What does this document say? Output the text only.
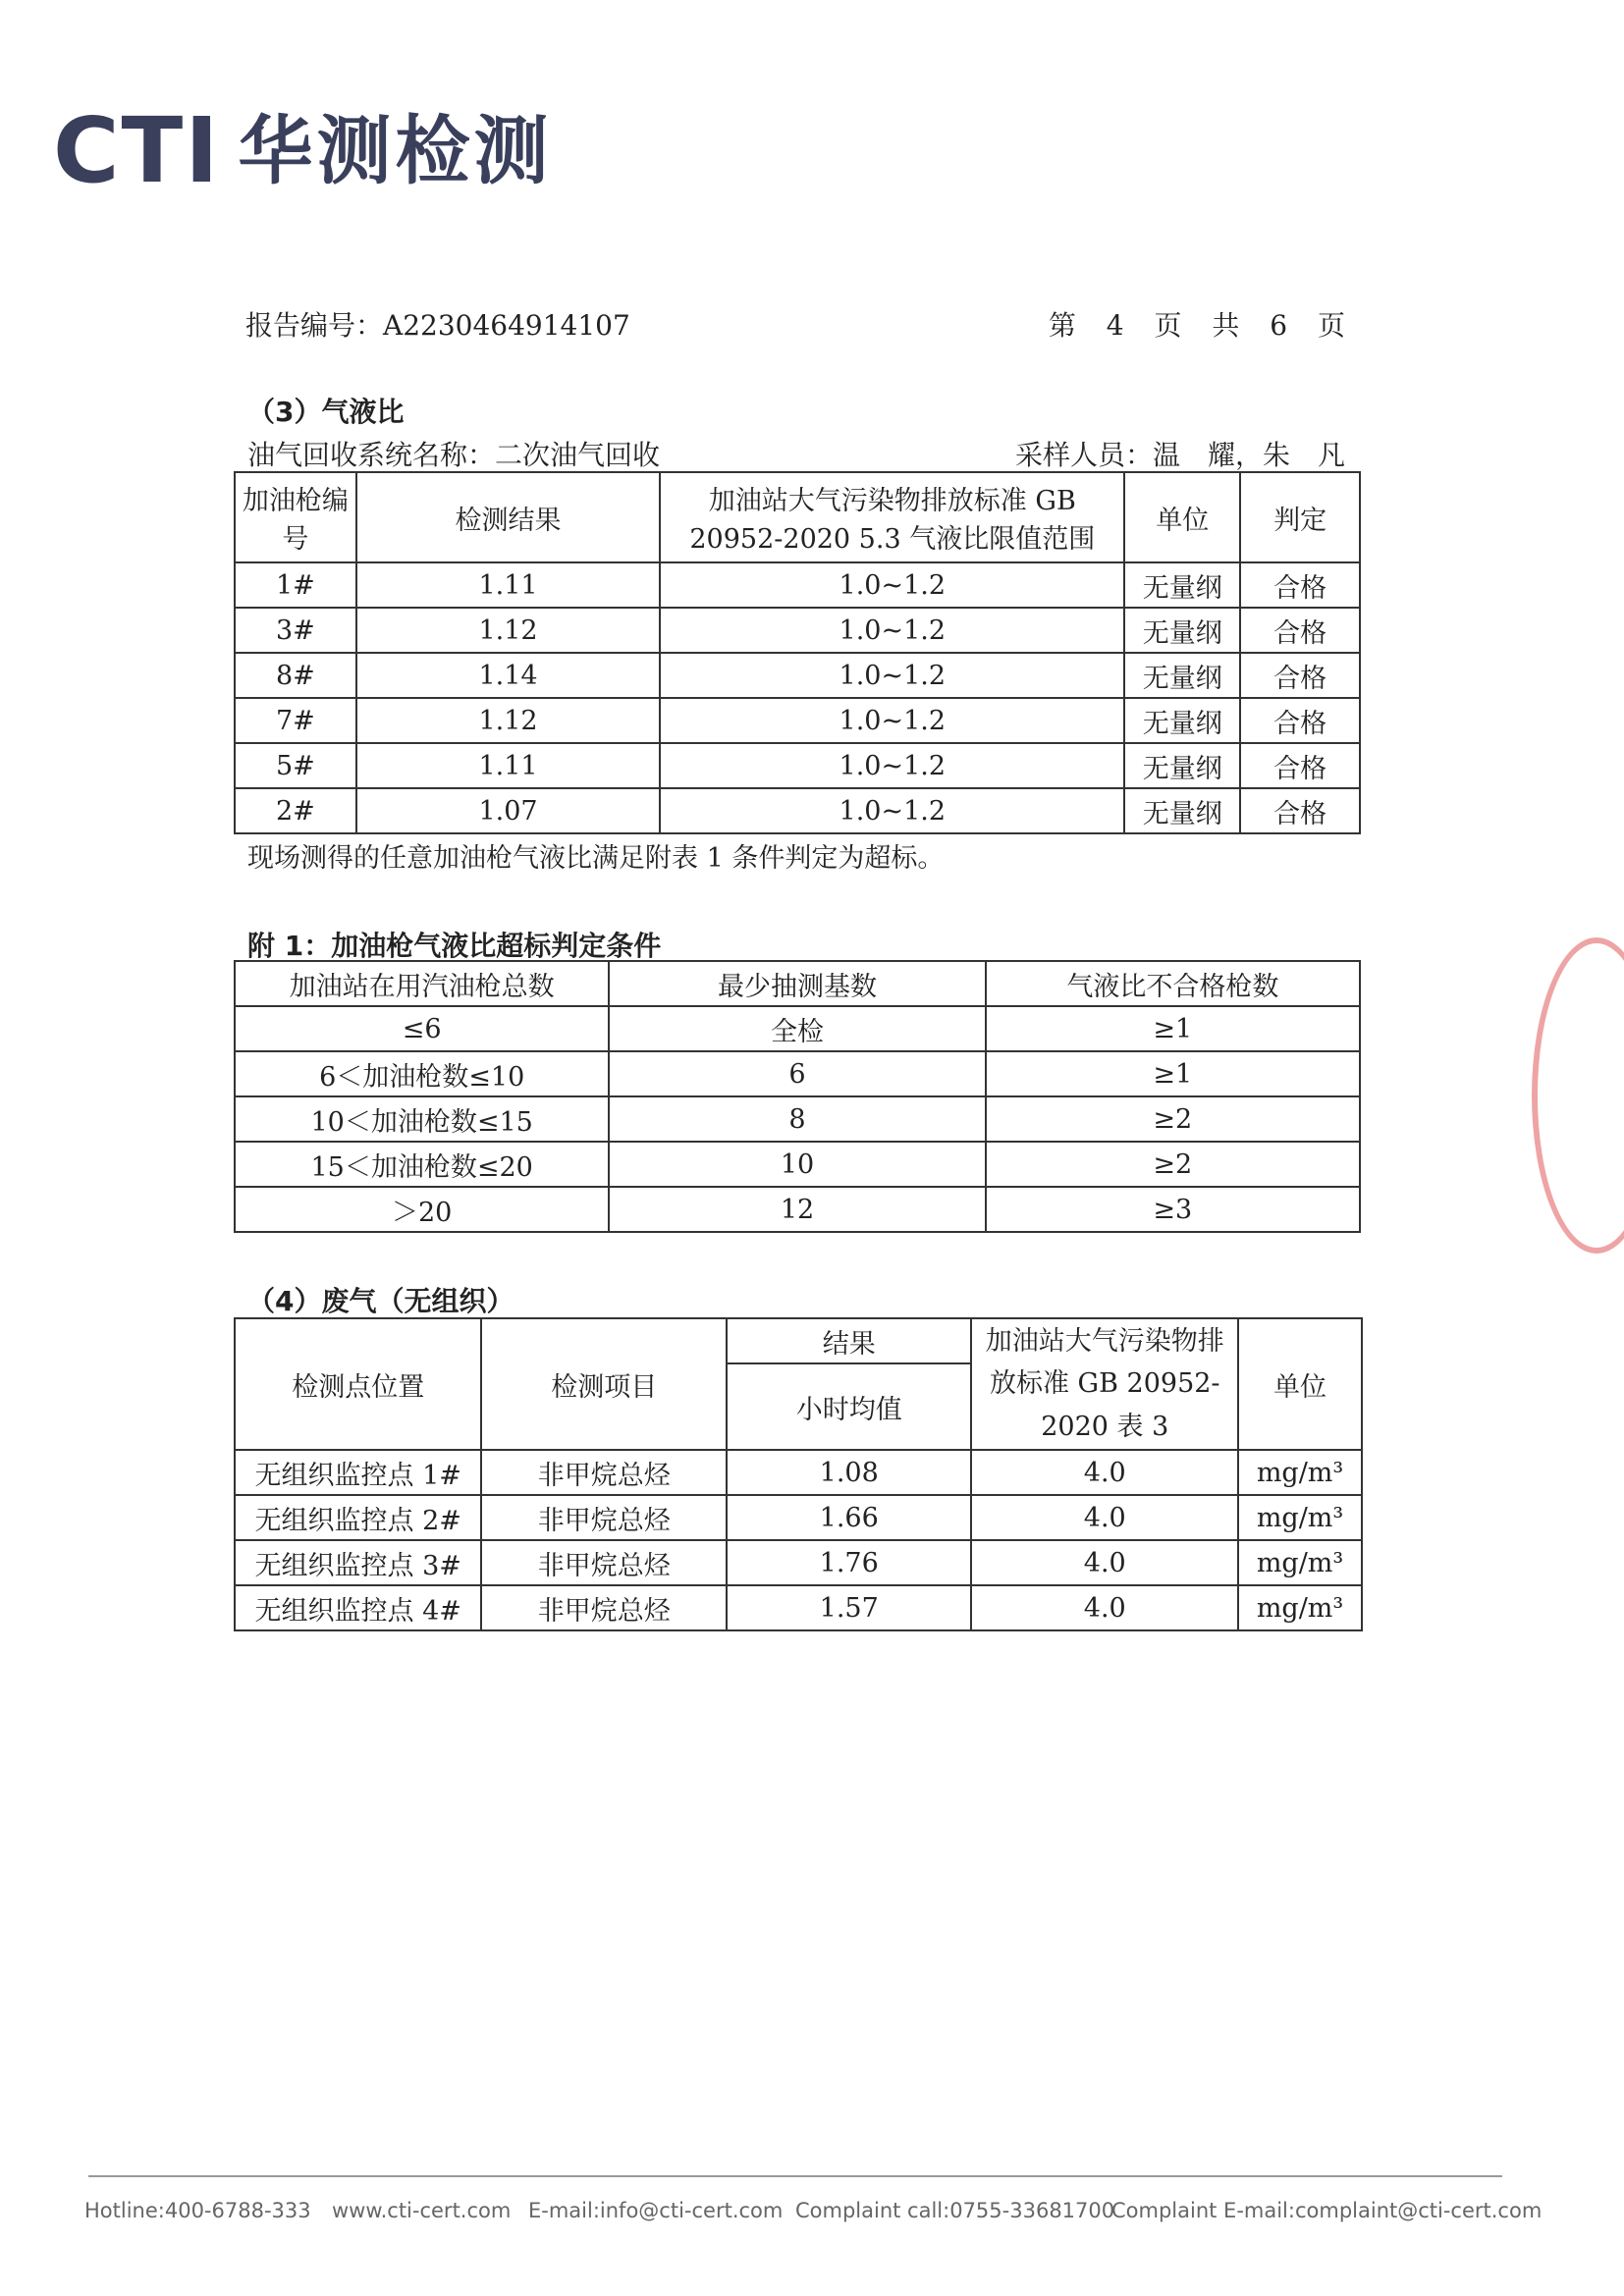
CTI 华测检测
报告编号：A2230464914107	第 4 页 共 6 页
（3）气液比
油气回收系统名称：二次油气回收	采样人员：温　耀，朱　凡
加油枪编号	检测结果	加油站大气污染物排放标准 GB 20952-2020 5.3 气液比限值范围	单位	判定
1#	1.11	1.0~1.2	无量纲	合格
3#	1.12	1.0~1.2	无量纲	合格
8#	1.14	1.0~1.2	无量纲	合格
7#	1.12	1.0~1.2	无量纲	合格
5#	1.11	1.0~1.2	无量纲	合格
2#	1.07	1.0~1.2	无量纲	合格
现场测得的任意加油枪气液比满足附表 1 条件判定为超标。
附 1：加油枪气液比超标判定条件
加油站在用汽油枪总数	最少抽测基数	气液比不合格枪数
≤6	全检	≥1
6＜加油枪数≤10	6	≥1
10＜加油枪数≤15	8	≥2
15＜加油枪数≤20	10	≥2
＞20	12	≥3
（4）废气（无组织）
检测点位置	检测项目	结果	加油站大气污染物排放标准 GB 20952-2020 表 3	单位
		小时均值		
无组织监控点 1#	非甲烷总烃	1.08	4.0	mg/m³
无组织监控点 2#	非甲烷总烃	1.66	4.0	mg/m³
无组织监控点 3#	非甲烷总烃	1.76	4.0	mg/m³
无组织监控点 4#	非甲烷总烃	1.57	4.0	mg/m³
Hotline:400-6788-333 www.cti-cert.com E-mail:info@cti-cert.com Complaint call:0755-33681700
Complaint E-mail:complaint@cti-cert.com
